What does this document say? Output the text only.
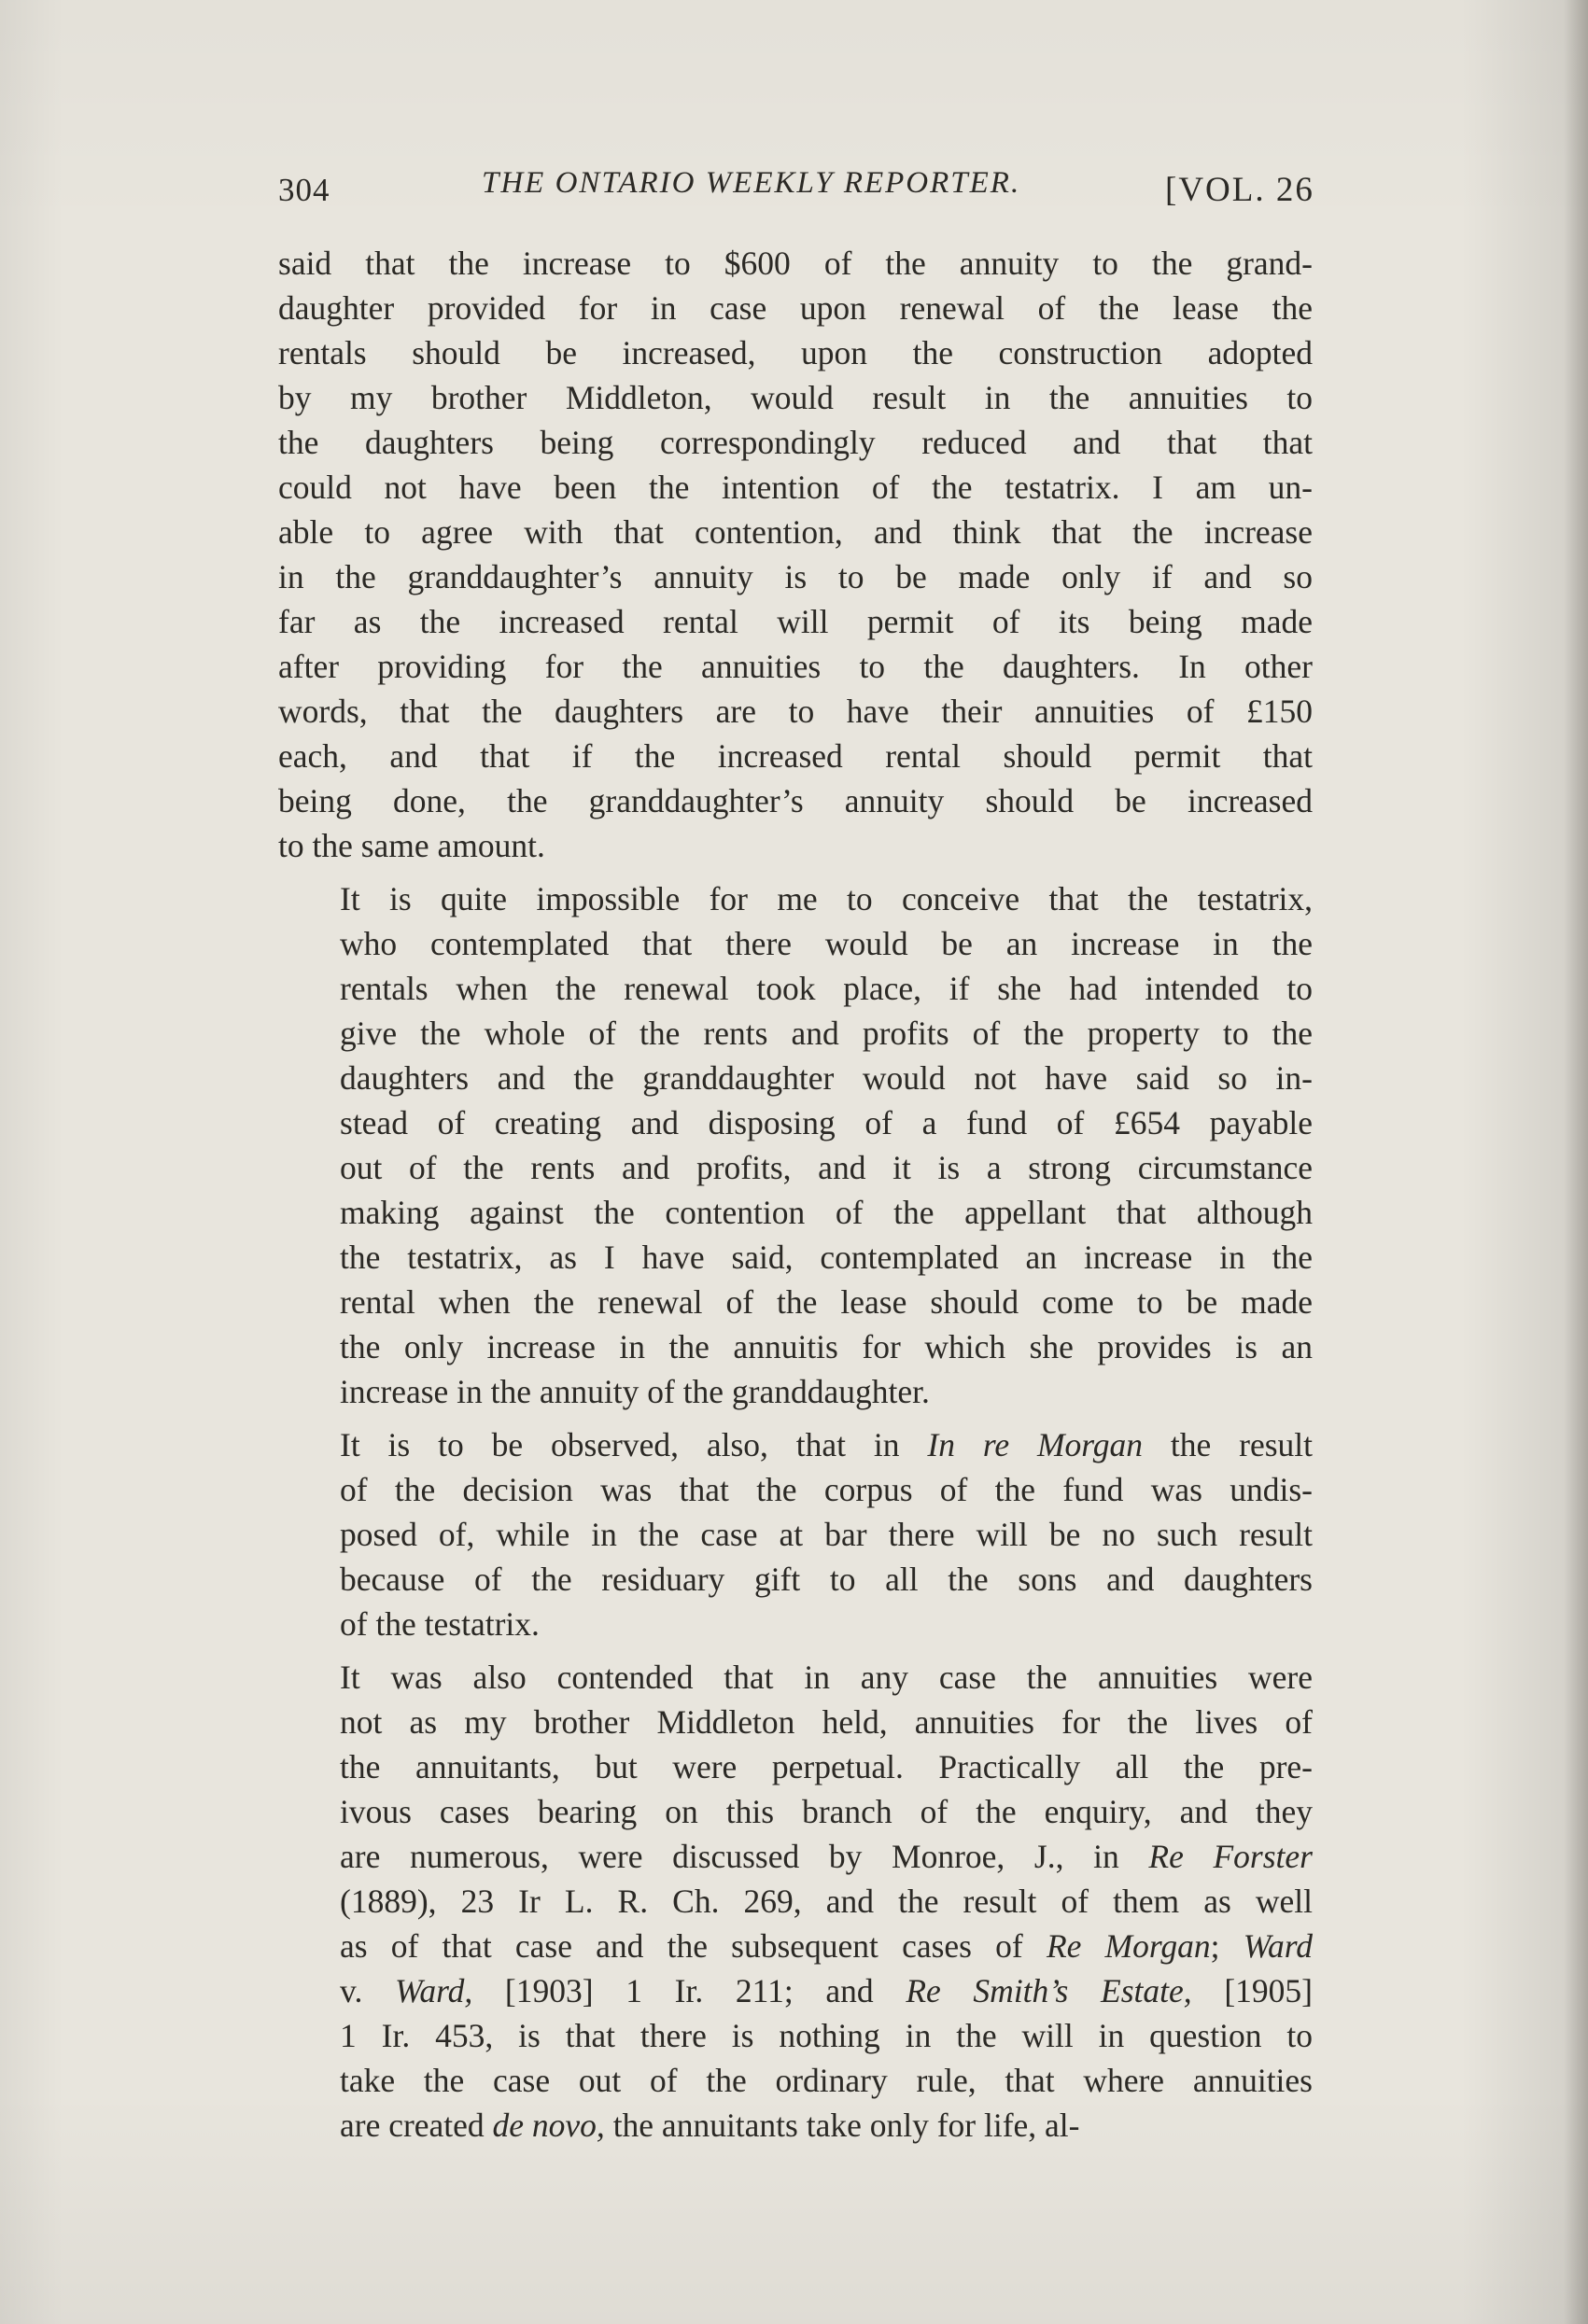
304	THE ONTARIO WEEKLY REPORTER.	[VOL. 26
said that the increase to $600 of the annuity to the grand-
daughter provided for in case upon renewal of the lease the
rentals should be increased, upon the construction adopted
by my brother Middleton, would result in the annuities to
the daughters being correspondingly reduced and that that
could not have been the intention of the testatrix. I am un-
able to agree with that contention, and think that the increase
in the granddaughter’s annuity is to be made only if and so
far as the increased rental will permit of its being made
after providing for the annuities to the daughters. In other
words, that the daughters are to have their annuities of £150
each, and that if the increased rental should permit that
being done, the granddaughter’s annuity should be increased
to the same amount.
It is quite impossible for me to conceive that the testatrix,
who contemplated that there would be an increase in the
rentals when the renewal took place, if she had intended to
give the whole of the rents and profits of the property to the
daughters and the granddaughter would not have said so in-
stead of creating and disposing of a fund of £654 payable
out of the rents and profits, and it is a strong circumstance
making against the contention of the appellant that although
the testatrix, as I have said, contemplated an increase in the
rental when the renewal of the lease should come to be made
the only increase in the annuitis for which she provides is an
increase in the annuity of the granddaughter.
It is to be observed, also, that in In re Morgan the result
of the decision was that the corpus of the fund was undis-
posed of, while in the case at bar there will be no such result
because of the residuary gift to all the sons and daughters
of the testatrix.
It was also contended that in any case the annuities were
not as my brother Middleton held, annuities for the lives of
the annuitants, but were perpetual. Practically all the pre-
ivous cases bearing on this branch of the enquiry, and they
are numerous, were discussed by Monroe, J., in Re Forster
(1889), 23 Ir L. R. Ch. 269, and the result of them as well
as of that case and the subsequent cases of Re Morgan; Ward
v. Ward, [1903] 1 Ir. 211; and Re Smith’s Estate, [1905]
1 Ir. 453, is that there is nothing in the will in question to
take the case out of the ordinary rule, that where annuities
are created de novo, the annuitants take only for life, al-
